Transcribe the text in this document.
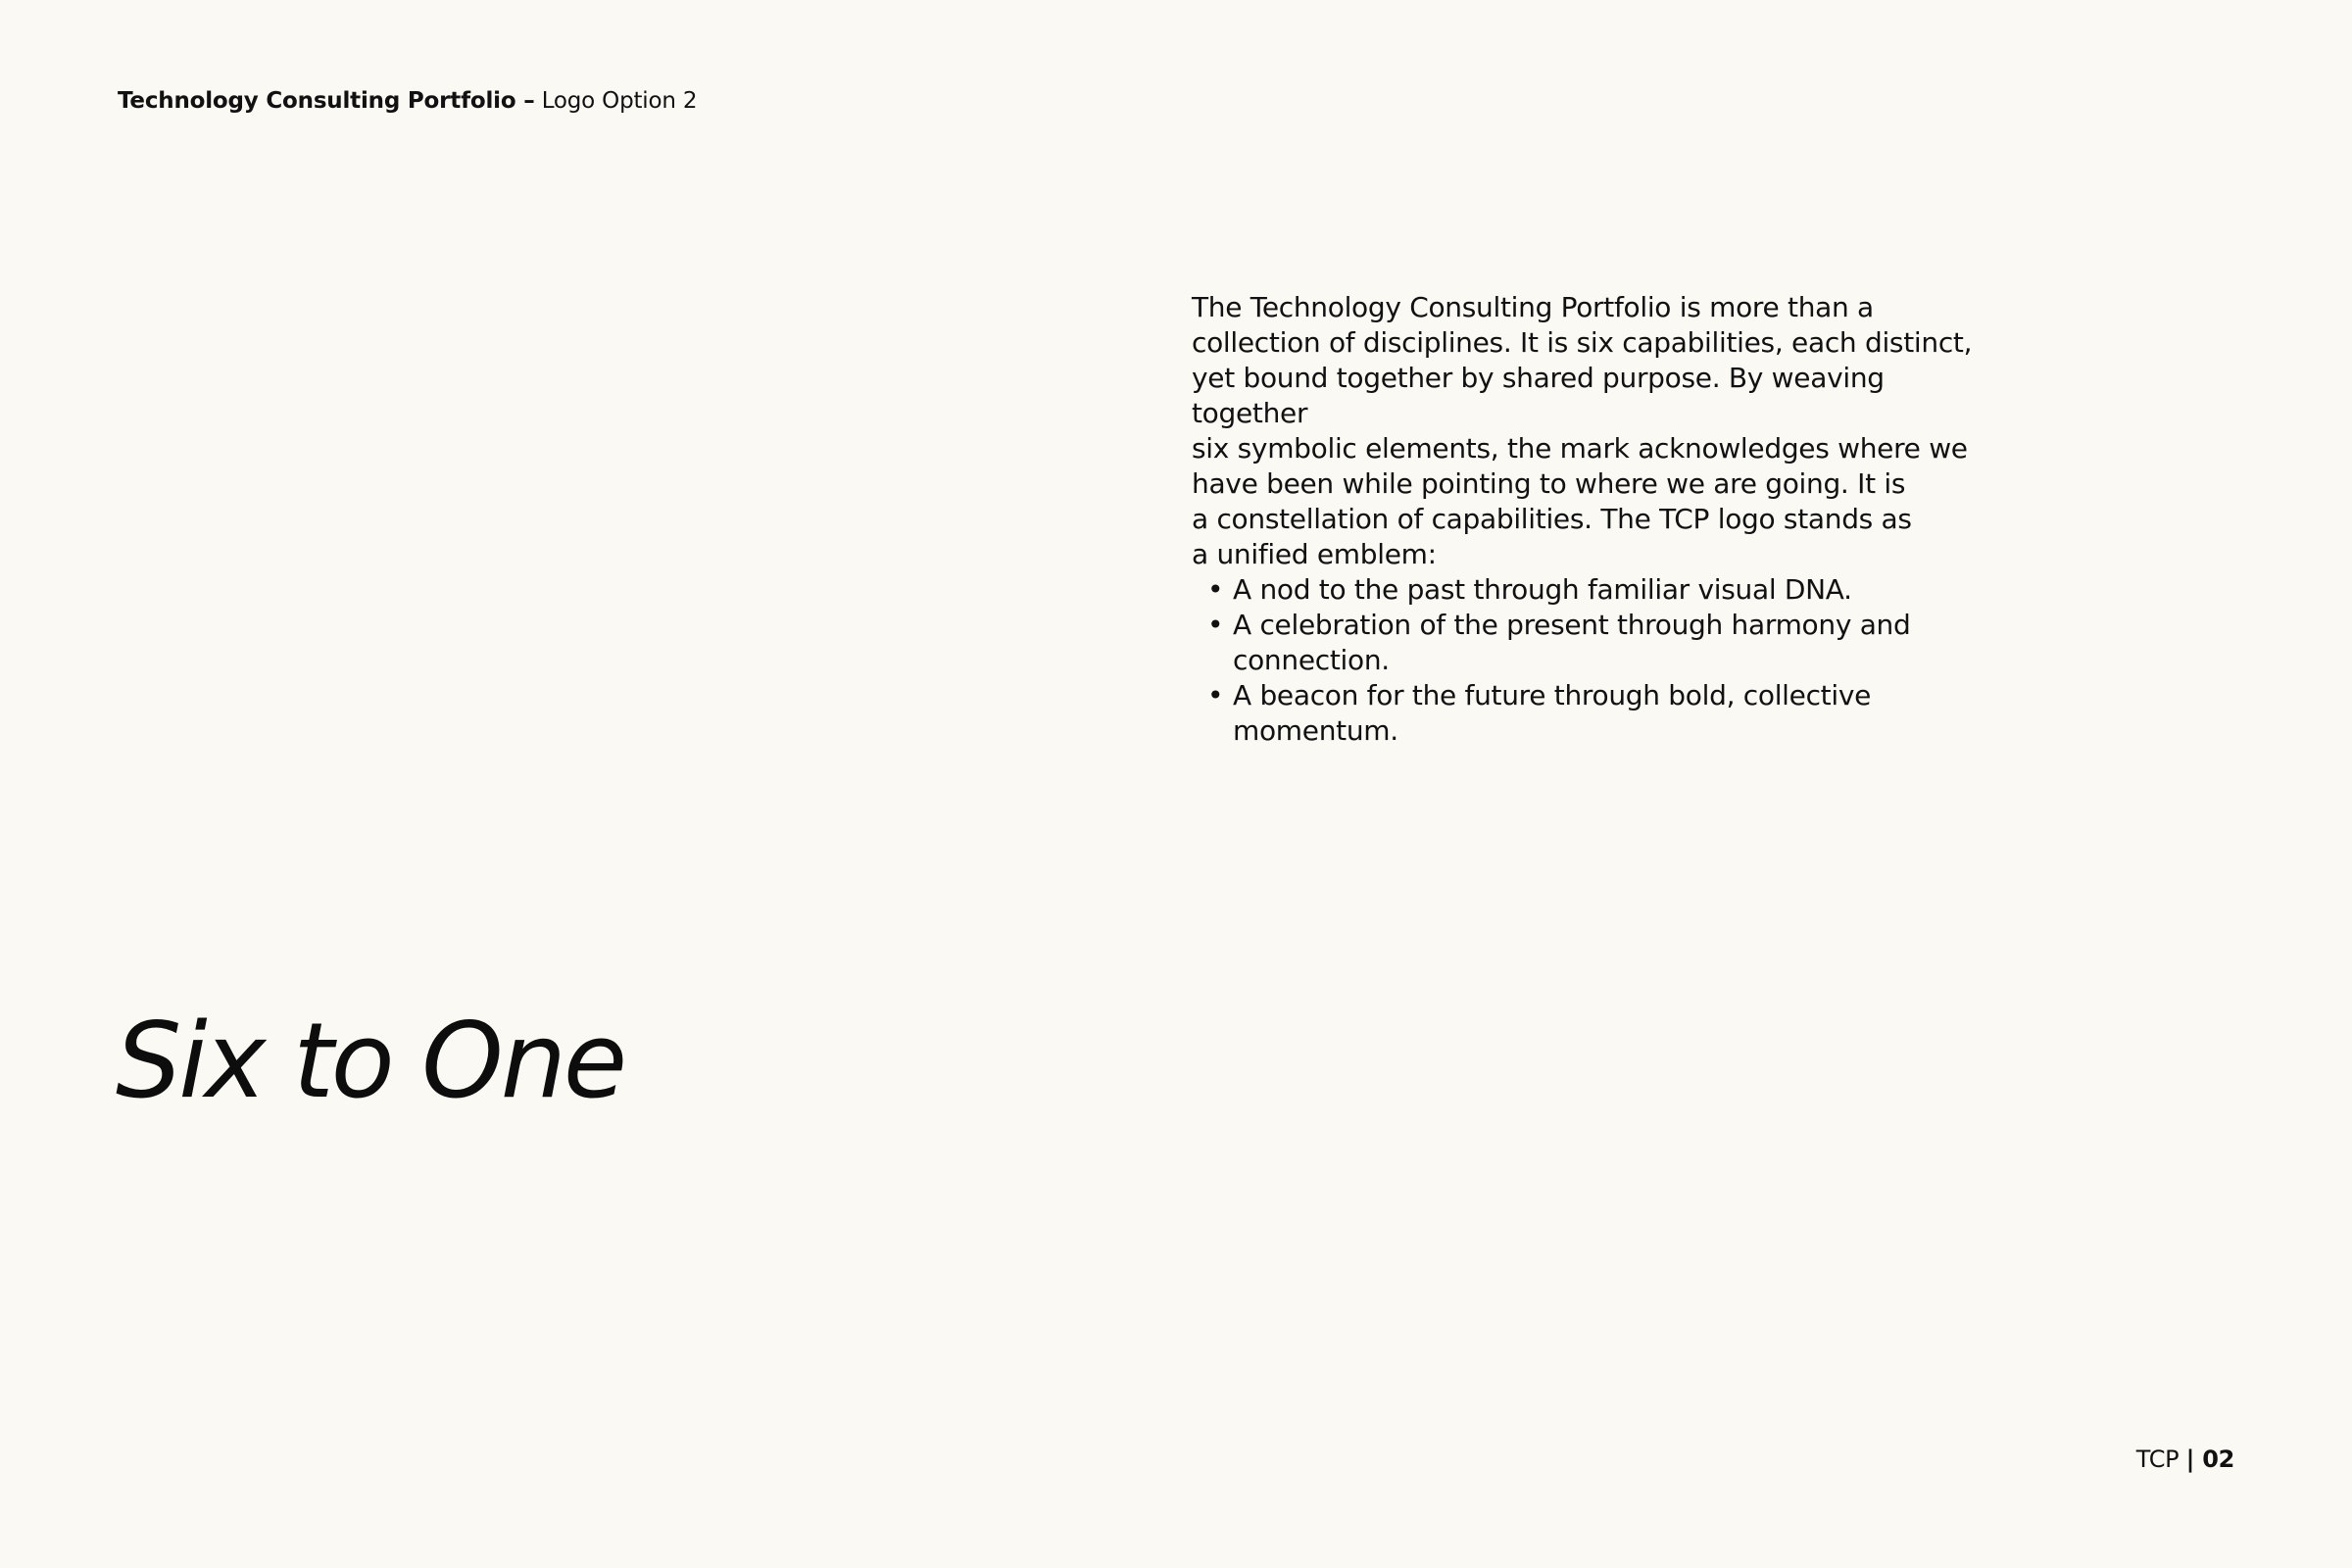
Technology Consulting Portfolio – Logo Option 2

The Technology Consulting Portfolio is more than a
collection of disciplines. It is six capabilities, each distinct,
yet bound together by shared purpose. By weaving together
six symbolic elements, the mark acknowledges where we
have been while pointing to where we are going. It is
a constellation of capabilities. The TCP logo stands as
a unified emblem:

• A nod to the past through familiar visual DNA.
• A celebration of the present through harmony and
connection.
• A beacon for the future through bold, collective
momentum.
Six to One
TCP | 02
